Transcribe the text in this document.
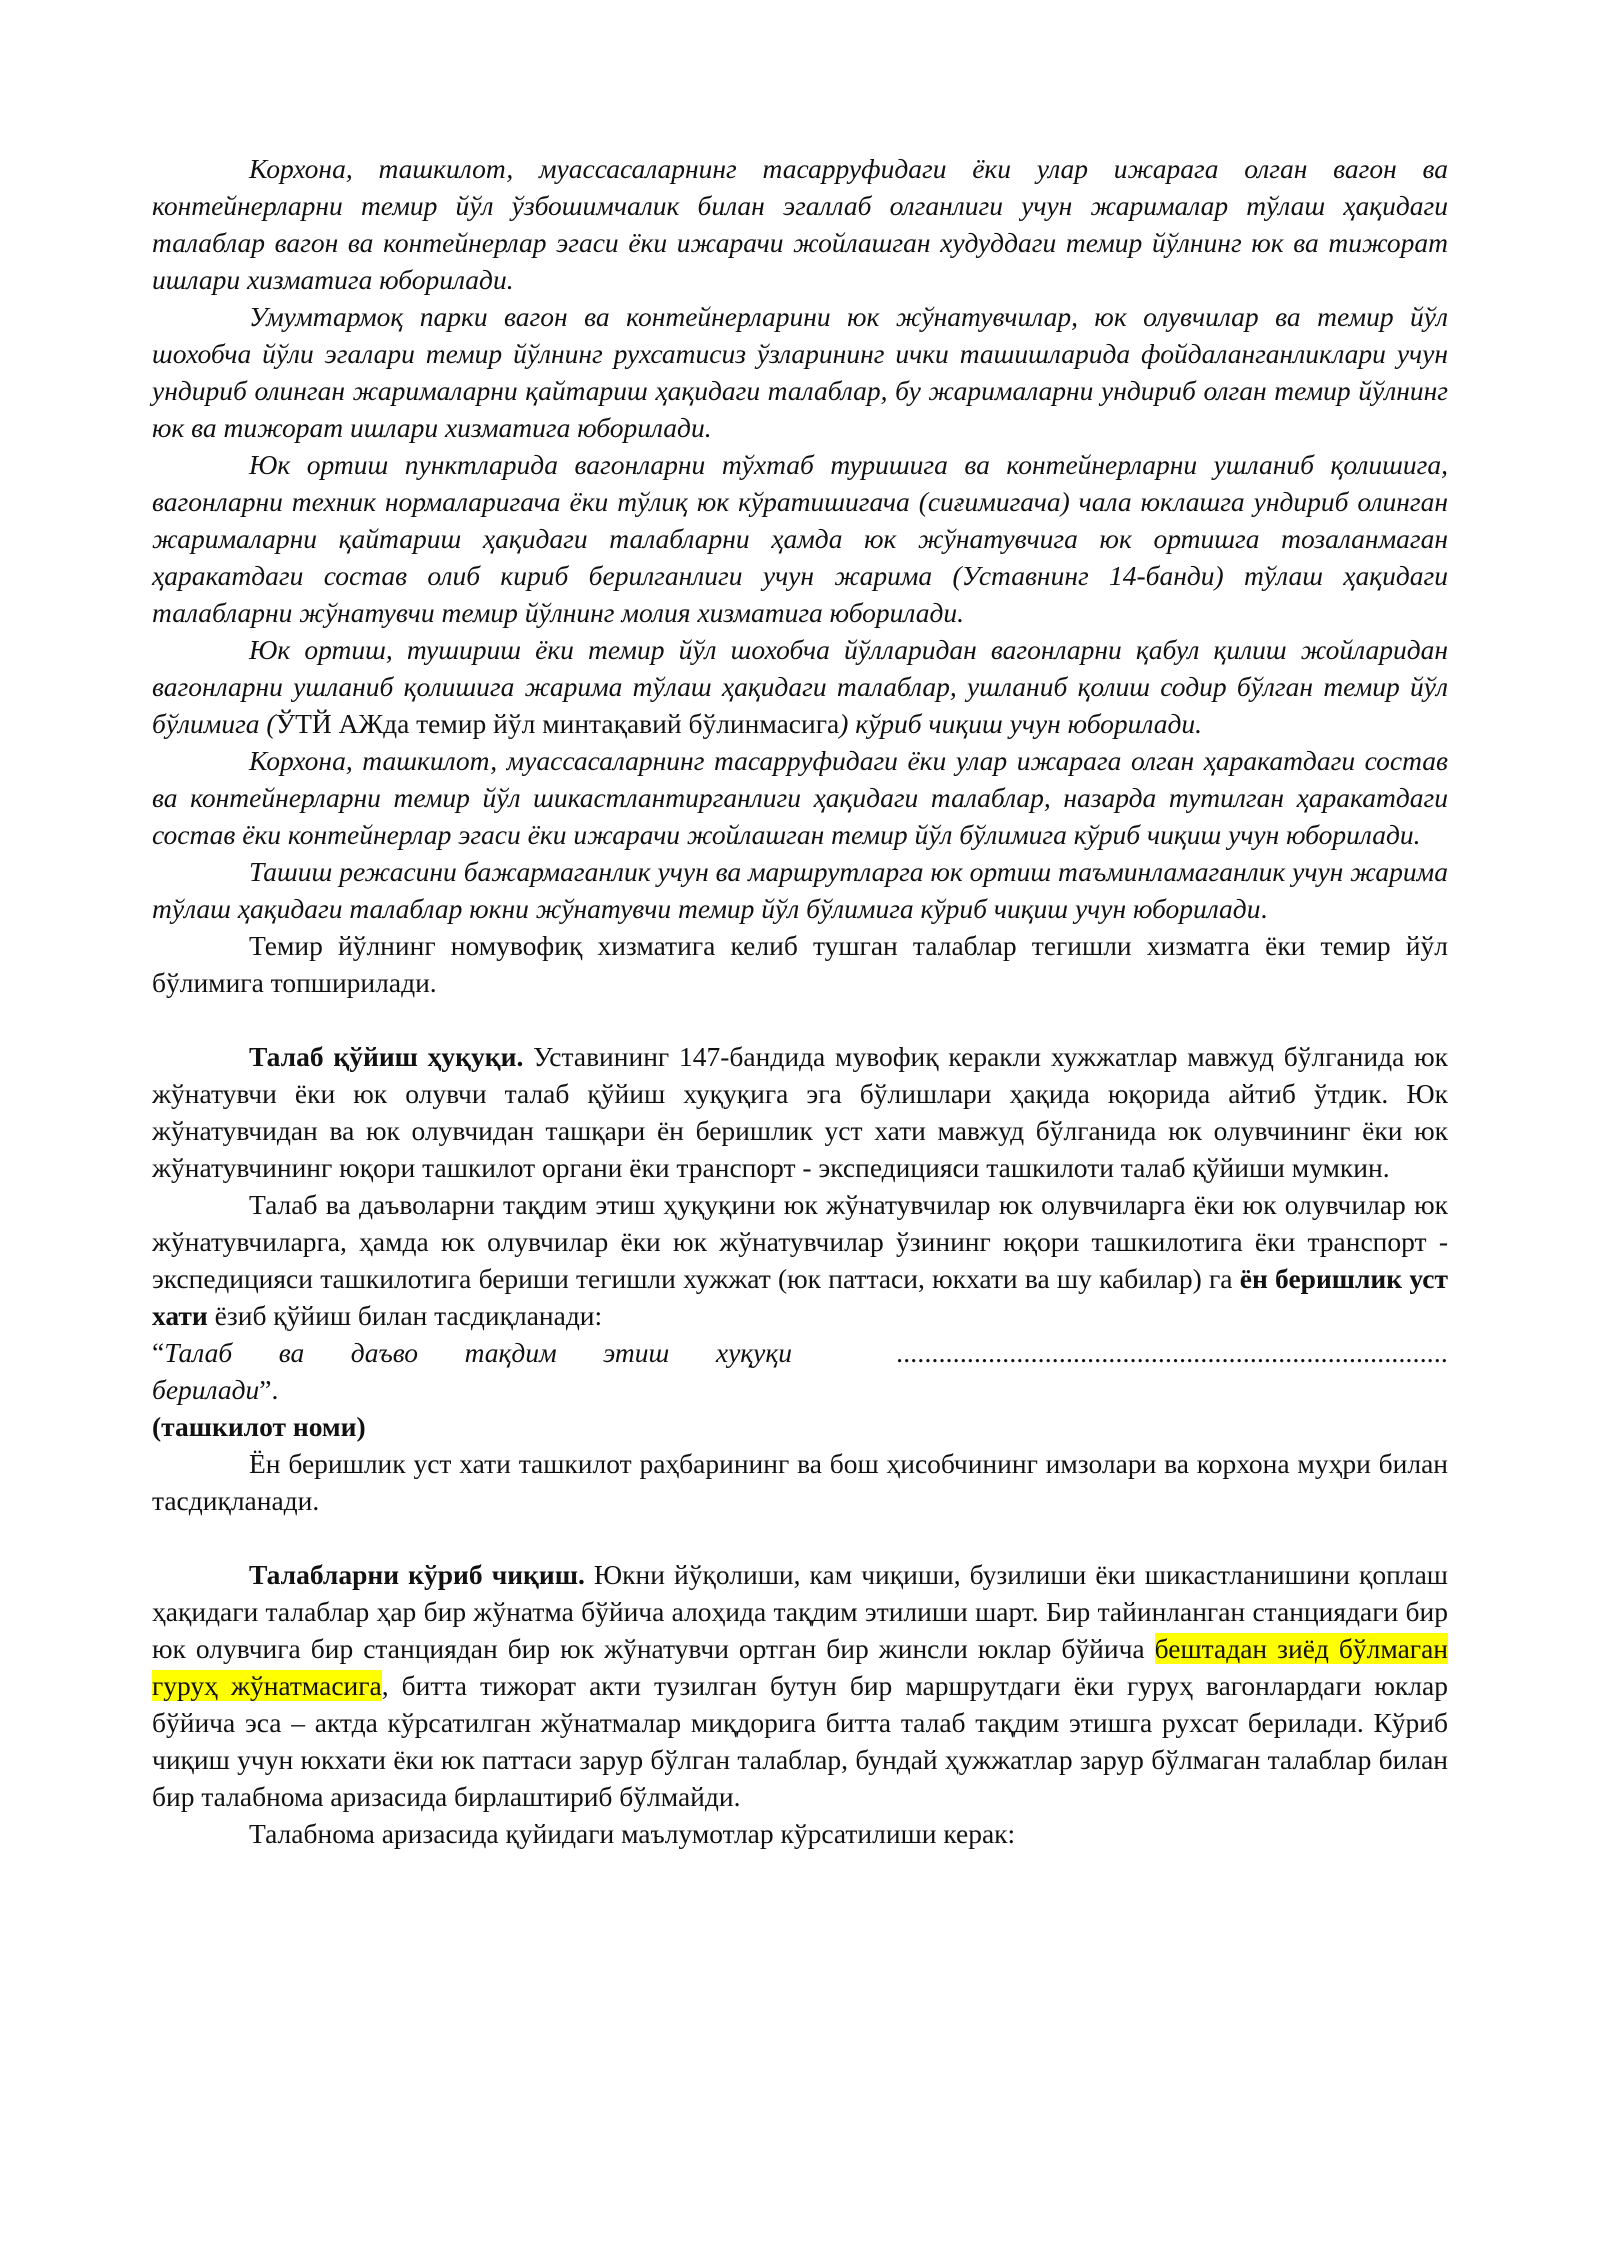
Корхона, ташкилот, муассасаларнинг тасарруфидаги ёки улар ижарага олган вагон ва контейнерларни темир йўл ўзбошимчалик билан эгаллаб олганлиги учун жарималар тўлаш ҳақидаги талаблар вагон ва контейнерлар эгаси ёки ижарачи жойлашган худуддаги темир йўлнинг юк ва тижорат ишлари хизматига юборилади.

Умумтармоқ парки вагон ва контейнерларини юк жўнатувчилар, юк олувчилар ва темир йўл шохобча йўли эгалари темир йўлнинг рухсатисиз ўзларининг ички ташишларида фойдаланганликлари учун ундириб олинган жарималарни қайтариш ҳақидаги талаблар, бу жарималарни ундириб олган темир йўлнинг юк ва тижорат ишлари хизматига юборилади.

Юк ортиш пунктларида вагонларни тўхтаб туришига ва контейнерларни ушланиб қолишига, вагонларни техник нормаларигача ёки тўлиқ юк кўратишигача (сиғимигача) чала юклашга ундириб олинган жарималарни қайтариш ҳақидаги талабларни ҳамда юк жўнатувчига юк ортишга тозаланмаган ҳаракатдаги состав олиб кириб берилганлиги учун жарима (Уставнинг 14-банди) тўлаш ҳақидаги талабларни жўнатувчи темир йўлнинг молия хизматига юборилади.

Юк ортиш, тушириш ёки темир йўл шохобча йўлларидан вагонларни қабул қилиш жойларидан вагонларни ушланиб қолишига жарима тўлаш ҳақидаги талаблар, ушланиб қолиш содир бўлган темир йўл бўлимига (ЎТЙ АЖда темир йўл минтақавий бўлинмасига) кўриб чиқиш учун юборилади.

Корхона, ташкилот, муассасаларнинг тасарруфидаги ёки улар ижарага олган ҳаракатдаги состав ва контейнерларни темир йўл шикастлантирганлиги ҳақидаги талаблар, назарда тутилган ҳаракатдаги состав ёки контейнерлар эгаси ёки ижарачи жойлашган темир йўл бўлимига кўриб чиқиш учун юборилади.

Ташиш режасини бажармаганлик учун ва маршрутларга юк ортиш таъминламаганлик учун жарима тўлаш ҳақидаги талаблар юкни жўнатувчи темир йўл бўлимига кўриб чиқиш учун юборилади.

Темир йўлнинг номувофиқ хизматига келиб тушган талаблар тегишли хизматга ёки темир йўл бўлимига топширилади.

Талаб қўйиш ҳуқуқи. Уставининг 147-бандида мувофиқ керакли хужжатлар мавжуд бўлганида юк жўнатувчи ёки юк олувчи талаб қўйиш хуқуқига эга бўлишлари ҳақида юқорида айтиб ўтдик. Юк жўнатувчидан ва юк олувчидан ташқари ён беришлик уст хати мавжуд бўлганида юк олувчининг ёки юк жўнатувчининг юқори ташкилот органи ёки транспорт - экспедицияси ташкилоти талаб қўйиши мумкин.

Талаб ва даъволарни тақдим этиш ҳуқуқини юк жўнатувчилар юк олувчиларга ёки юк олувчилар юк жўнатувчиларга, ҳамда юк олувчилар ёки юк жўнатувчилар ўзининг юқори ташкилотига ёки транспорт - экспедицияси ташкилотига бериши тегишли хужжат (юк паттаси, юкхати ва шу кабилар) га ён беришлик уст хати ёзиб қўйиш билан тасдиқланади:

“Талаб ва даъво тақдим этиш хуқуқи	..............................................................................

берилади”.

(ташкилот номи)

Ён беришлик уст хати ташкилот раҳбарининг ва бош ҳисобчининг имзолари ва корхона муҳри билан тасдиқланади.

Талабларни кўриб чиқиш. Юкни йўқолиши, кам чиқиши, бузилиши ёки шикастланишини қоплаш ҳақидаги талаблар ҳар бир жўнатма бўйича алоҳида тақдим этилиши шарт. Бир тайинланган станциядаги бир юк олувчига бир станциядан бир юк жўнатувчи ортган бир жинсли юклар бўйича бештадан зиёд бўлмаган гуруҳ жўнатмасига, битта тижорат акти тузилган бутун бир маршрутдаги ёки гуруҳ вагонлардаги юклар бўйича эса – актда кўрсатилган жўнатмалар миқдорига битта талаб тақдим этишга рухсат берилади. Кўриб чиқиш учун юкхати ёки юк паттаси зарур бўлган талаблар, бундай ҳужжатлар зарур бўлмаган талаблар билан бир талабнома аризасида бирлаштириб бўлмайди.

Талабнома аризасида қуйидаги маълумотлар кўрсатилиши керак:
